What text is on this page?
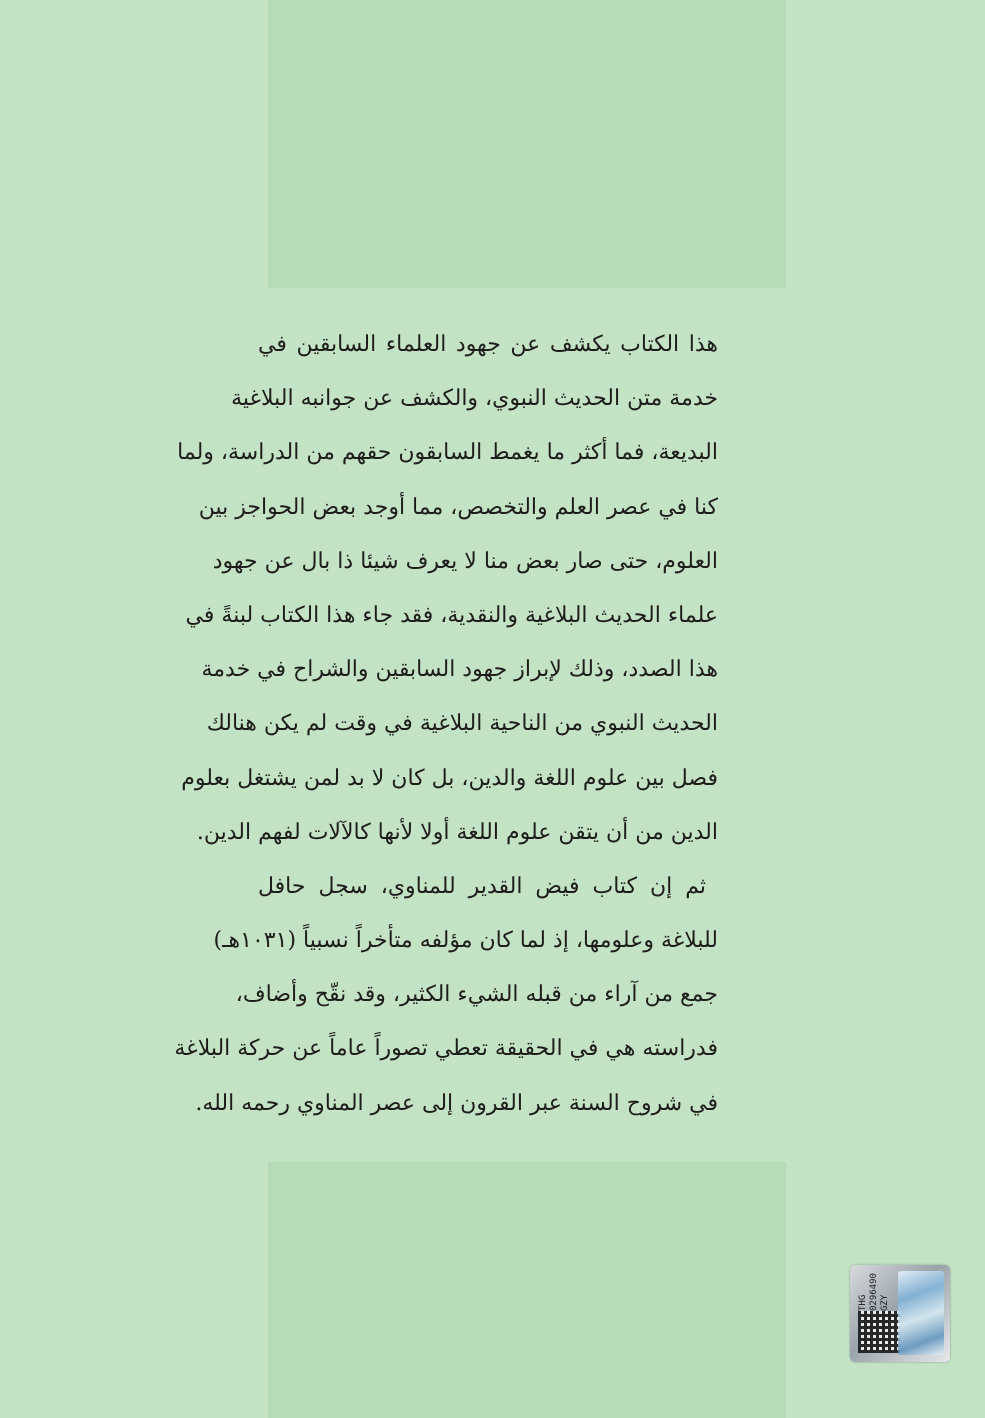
هذا الكتاب يكشف عن جهود العلماء السابقين في
خدمة متن الحديث النبوي، والكشف عن جوانبه البلاغية
البديعة، فما أكثر ما يغمط السابقون حقهم من الدراسة، ولما
كنا في عصر العلم والتخصص، مما أوجد بعض الحواجز بين
العلوم، حتى صار بعض منا لا يعرف شيئا ذا بال عن جهود
علماء الحديث البلاغية والنقدية، فقد جاء هذا الكتاب لبنةً في
هذا الصدد، وذلك لإبراز جهود السابقين والشراح في خدمة
الحديث النبوي من الناحية البلاغية في وقت لم يكن هنالك
فصل بين علوم اللغة والدين، بل كان لا بد لمن يشتغل بعلوم
الدين من أن يتقن علوم اللغة أولا لأنها كالآلات لفهم الدين.

ثم إن كتاب فيض القدير للمناوي، سجل حافل
للبلاغة وعلومها، إذ لما كان مؤلفه متأخراً نسبياً (١٠٣١هـ)
جمع من آراء من قبله الشيء الكثير، وقد نقّح وأضاف،
فدراسته هي في الحقيقة تعطي تصوراً عاماً عن حركة البلاغة
في شروح السنة عبر القرون إلى عصر المناوي رحمه الله.

THG
0296490
GZY
